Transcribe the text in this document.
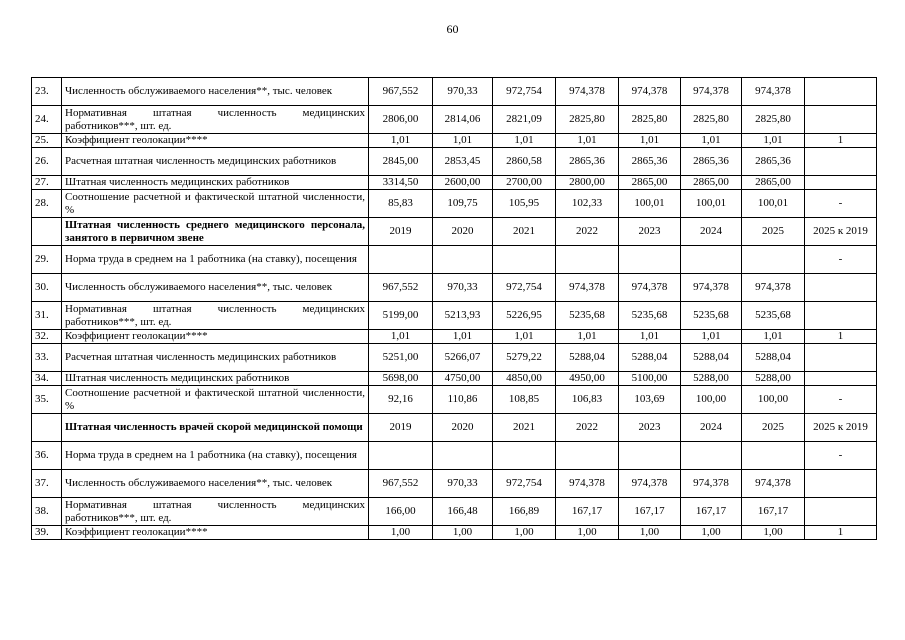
60
23.	Численность обслуживаемого населения**, тыс. человек	967,552	970,33	972,754	974,378	974,378	974,378	974,378	
24.	Нормативная штатная численность медицинских работников***, шт. ед.	2806,00	2814,06	2821,09	2825,80	2825,80	2825,80	2825,80	
25.	Коэффициент геолокации****	1,01	1,01	1,01	1,01	1,01	1,01	1,01	1
26.	Расчетная штатная численность медицинских работников	2845,00	2853,45	2860,58	2865,36	2865,36	2865,36	2865,36	
27.	Штатная численность медицинских работников	3314,50	2600,00	2700,00	2800,00	2865,00	2865,00	2865,00	
28.	Соотношение расчетной и фактической штатной численности, %	85,83	109,75	105,95	102,33	100,01	100,01	100,01	-
	Штатная численность среднего медицинского персонала, занятого в первичном звене	2019	2020	2021	2022	2023	2024	2025	2025 к 2019
29.	Норма труда в среднем на 1 работника (на ставку), посещения								-
30.	Численность обслуживаемого населения**, тыс. человек	967,552	970,33	972,754	974,378	974,378	974,378	974,378	
31.	Нормативная штатная численность медицинских работников***, шт. ед.	5199,00	5213,93	5226,95	5235,68	5235,68	5235,68	5235,68	
32.	Коэффициент геолокации****	1,01	1,01	1,01	1,01	1,01	1,01	1,01	1
33.	Расчетная штатная численность медицинских работников	5251,00	5266,07	5279,22	5288,04	5288,04	5288,04	5288,04	
34.	Штатная численность медицинских работников	5698,00	4750,00	4850,00	4950,00	5100,00	5288,00	5288,00	
35.	Соотношение расчетной и фактической штатной численности, %	92,16	110,86	108,85	106,83	103,69	100,00	100,00	-
	Штатная численность врачей скорой медицинской помощи	2019	2020	2021	2022	2023	2024	2025	2025 к 2019
36.	Норма труда в среднем на 1 работника (на ставку), посещения								-
37.	Численность обслуживаемого населения**, тыс. человек	967,552	970,33	972,754	974,378	974,378	974,378	974,378	
38.	Нормативная штатная численность медицинских работников***, шт. ед.	166,00	166,48	166,89	167,17	167,17	167,17	167,17	
39.	Коэффициент геолокации****	1,00	1,00	1,00	1,00	1,00	1,00	1,00	1
